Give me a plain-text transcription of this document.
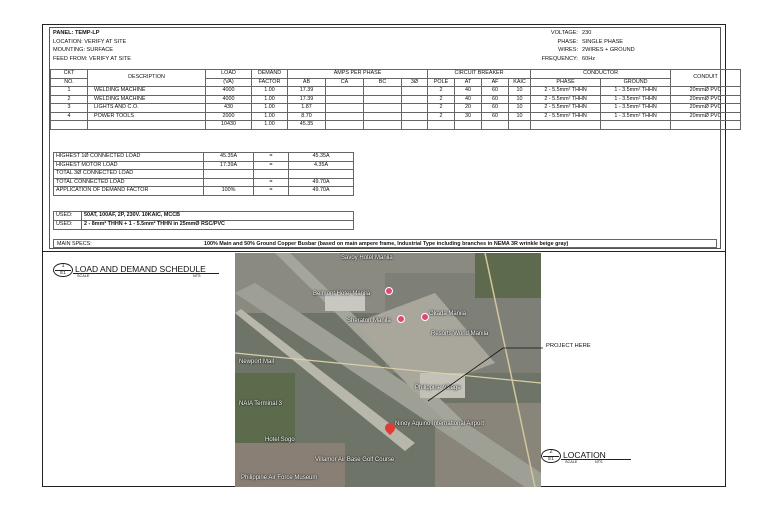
PANEL: TEMP-LP
LOCATION: VERIFY AT SITE
MOUNTING: SURFACE
FEED FROM: VERIFY AT SITE
VOLTAGE: 230
PHASE: SINGLE PHASE
WIRES: 2WIRES + GROUND
FREQUENCY: 60Hz
CKT	DESCRIPTION	LOAD	DEMAND	AMPS PER PHASE				CIRCUIT BREAKER				CONDUCTOR		CONDUIT
NO.		(VA)	FACTOR	AB	CA	BC	3Ø	POLE	AT	AF	KAIC	PHASE	GROUND	
1	WELDING MACHINE	4000	1.00	17.39				2	40	60	10	2 - 5.5mm² THHN	1 - 3.5mm² THHN	20mmØ PVC
2	WELDING MACHINE	4000	1.00	17.39				2	40	60	10	2 - 5.5mm² THHN	1 - 3.5mm² THHN	20mmØ PVC
3	LIGHTS AND C.O.	430	1.00	1.87				2	20	60	10	2 - 5.5mm² THHN	1 - 3.5mm² THHN	20mmØ PVC
4	POWER TOOLS	2000	1.00	8.70				2	30	60	10	2 - 5.5mm² THHN	1 - 3.5mm² THHN	20mmØ PVC
		10430	1.00	45.35										
HIGHEST 1Ø CONNECTED LOAD	45.35A	=	45.35A
HIGHEST MOTOR LOAD	17.39A	=	4.35A
TOTAL 3Ø CONNECTED LOAD			
TOTAL CONNECTED LOAD		=	49.70A
APPLICATION OF DEMAND FACTOR	100%	=	49.70A
USED:	50AT, 100AF, 2P, 230V. 10KAIC, MCCB
USED:	2 - 8mm² THHN + 1 - 5.5mm² THHN in 25mmØ RSC/PVC
MAIN SPECS:	100% Main and 50% Ground Copper Busbar (based on main ampere frame, Industrial Type including branches in NEMA 3R wrinkle beige gray)
1
E1	LOAD AND DEMAND SCHEDULE
SCALE	NTS
Savoy Hotel Manila
Belmont Hotel Manila
Sheraton Manila
Okada Manila
Resorts World Manila
Newport Mall
Philippine Village
NAIA Terminal 3
Ninoy Aquino International Airport
Hotel Sogo
Villamor Air Base Golf Course
Philippine Air Force Museum
2
E1	LOCATION
SCALE	NTS
PROJECT HERE
